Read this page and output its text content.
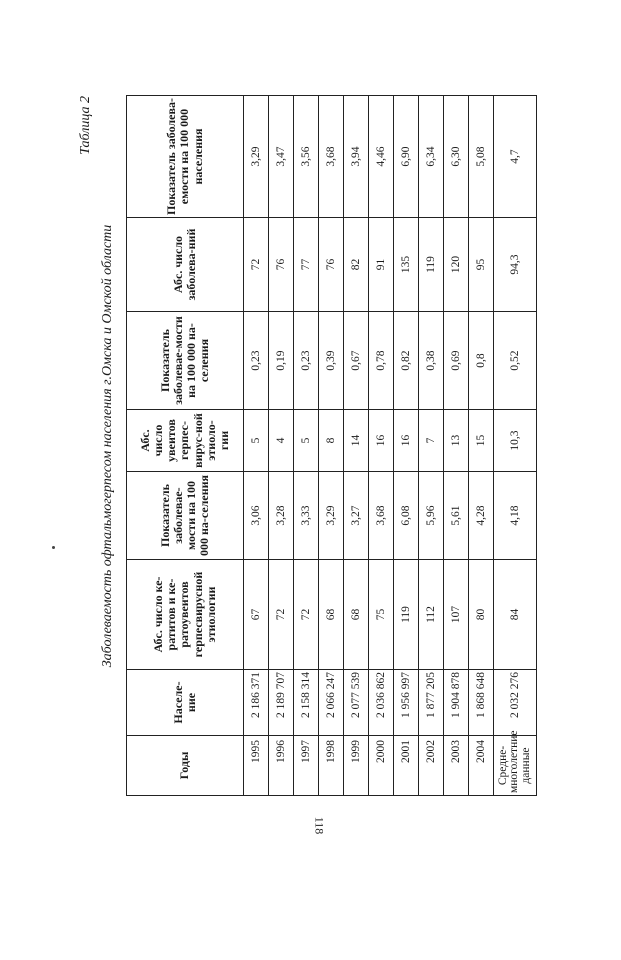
Таблица 2
Заболеваемость офтальмогерпесом населения г.Омска и Омской области
Годы	Населе-ние	Абс. число ке-ратитов и ке-ратоувеитов герпесвирусной этиологии	Показатель заболевае-мости на 100 000 на-селения	Абс. число увеитов герпес-вирус-ной этиоло-гии	Показатель заболевае-мости на 100 000 на-селения	Абс. число заболева-ний	Показатель заболева-емости на 100 000 населения
1995	2 186 371	67	3,06	5	0,23	72	3,29
1996	2 189 707	72	3,28	4	0,19	76	3,47
1997	2 158 314	72	3,33	5	0,23	77	3,56
1998	2 066 247	68	3,29	8	0,39	76	3,68
1999	2 077 539	68	3,27	14	0,67	82	3,94
2000	2 036 862	75	3,68	16	0,78	91	4,46
2001	1 956 997	119	6,08	16	0,82	135	6,90
2002	1 877 205	112	5,96	7	0,38	119	6,34
2003	1 904 878	107	5,61	13	0,69	120	6,30
2004	1 868 648	80	4,28	15	0,8	95	5,08
Средне-многолетние данные	2 032 276	84	4,18	10,3	0,52	94,3	4,7
118
